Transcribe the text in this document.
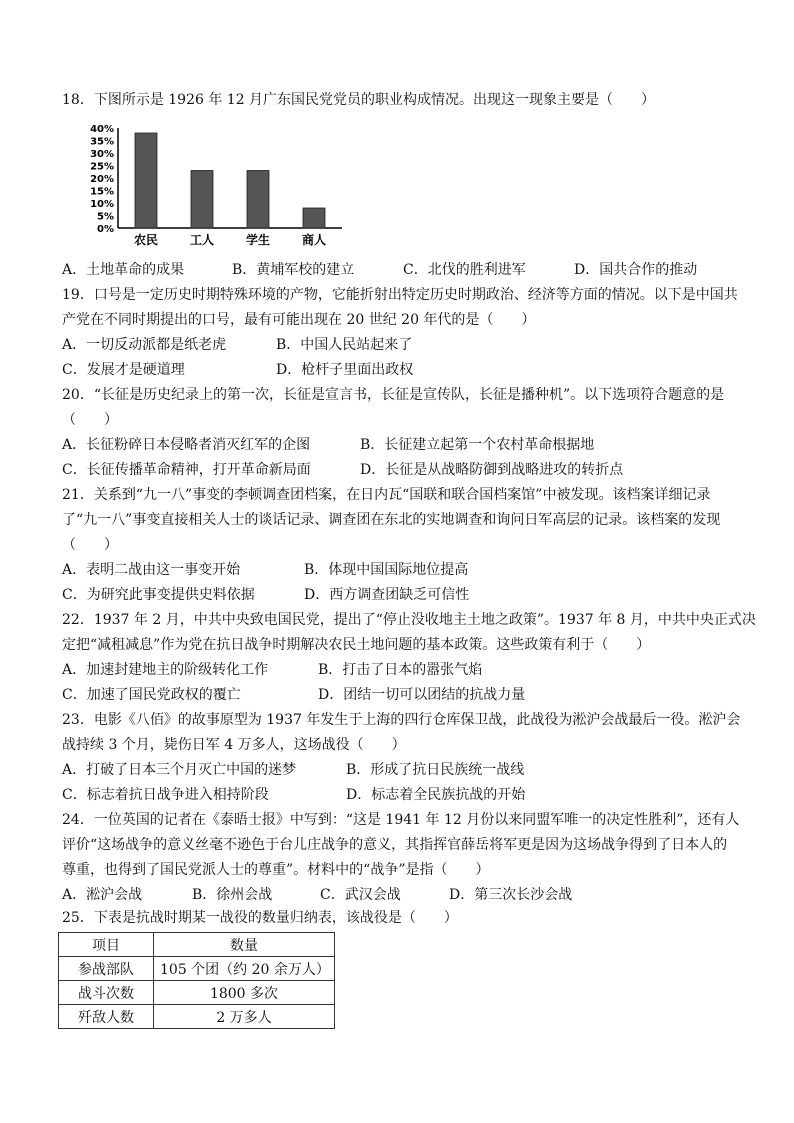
18．下图所示是 1926 年 12 月广东国民党党员的职业构成情况。出现这一现象主要是（　　）
40%
35%
30%
25%
20%
15%
10%
5%
0%
农民	工人	学生	商人
A．土地革命的成果	B．黄埔军校的建立	C．北伐的胜利进军	D．国共合作的推动
19．口号是一定历史时期特殊环境的产物，它能折射出特定历史时期政治、经济等方面的情况。以下是中国共
产党在不同时期提出的口号，最有可能出现在 20 世纪 20 年代的是（　　）
A．一切反动派都是纸老虎	B．中国人民站起来了
C．发展才是硬道理	D．枪杆子里面出政权
20．“长征是历史纪录上的第一次，长征是宣言书，长征是宣传队，长征是播种机”。以下选项符合题意的是
（　　）
A．长征粉碎日本侵略者消灭红军的企图	B．长征建立起第一个农村革命根据地
C．长征传播革命精神，打开革命新局面	D．长征是从战略防御到战略进攻的转折点
21．关系到“九一八”事变的李顿调查团档案，在日内瓦“国联和联合国档案馆”中被发现。该档案详细记录
了“九一八”事变直接相关人士的谈话记录、调查团在东北的实地调查和询问日军高层的记录。该档案的发现
（　　）
A．表明二战由这一事变开始	B．体现中国国际地位提高
C．为研究此事变提供史料依据	D．西方调查团缺乏可信性
22．1937 年 2 月，中共中央致电国民党，提出了“停止没收地主土地之政策”。1937 年 8 月，中共中央正式决
定把“减租减息”作为党在抗日战争时期解决农民土地问题的基本政策。这些政策有利于（　　）
A．加速封建地主的阶级转化工作	B．打击了日本的嚣张气焰
C．加速了国民党政权的覆亡	D．团结一切可以团结的抗战力量
23．电影《八佰》的故事原型为 1937 年发生于上海的四行仓库保卫战，此战役为淞沪会战最后一役。淞沪会
战持续 3 个月，毙伤日军 4 万多人，这场战役（　　）
A．打破了日本三个月灭亡中国的迷梦	B．形成了抗日民族统一战线
C．标志着抗日战争进入相持阶段	D．标志着全民族抗战的开始
24．一位英国的记者在《泰晤士报》中写到：“这是 1941 年 12 月份以来同盟军唯一的决定性胜利”，还有人
评价“这场战争的意义丝毫不逊色于台儿庄战争的意义，其指挥官薛岳将军更是因为这场战争得到了日本人的
尊重，也得到了国民党派人士的尊重”。材料中的“战争”是指（　　）
A．淞沪会战	B．徐州会战	C．武汉会战	D．第三次长沙会战
25．下表是抗战时期某一战役的数量归纳表，该战役是（　　）
项目	数量
参战部队	105 个团（约 20 余万人）
战斗次数	1800 多次
歼敌人数	2 万多人
